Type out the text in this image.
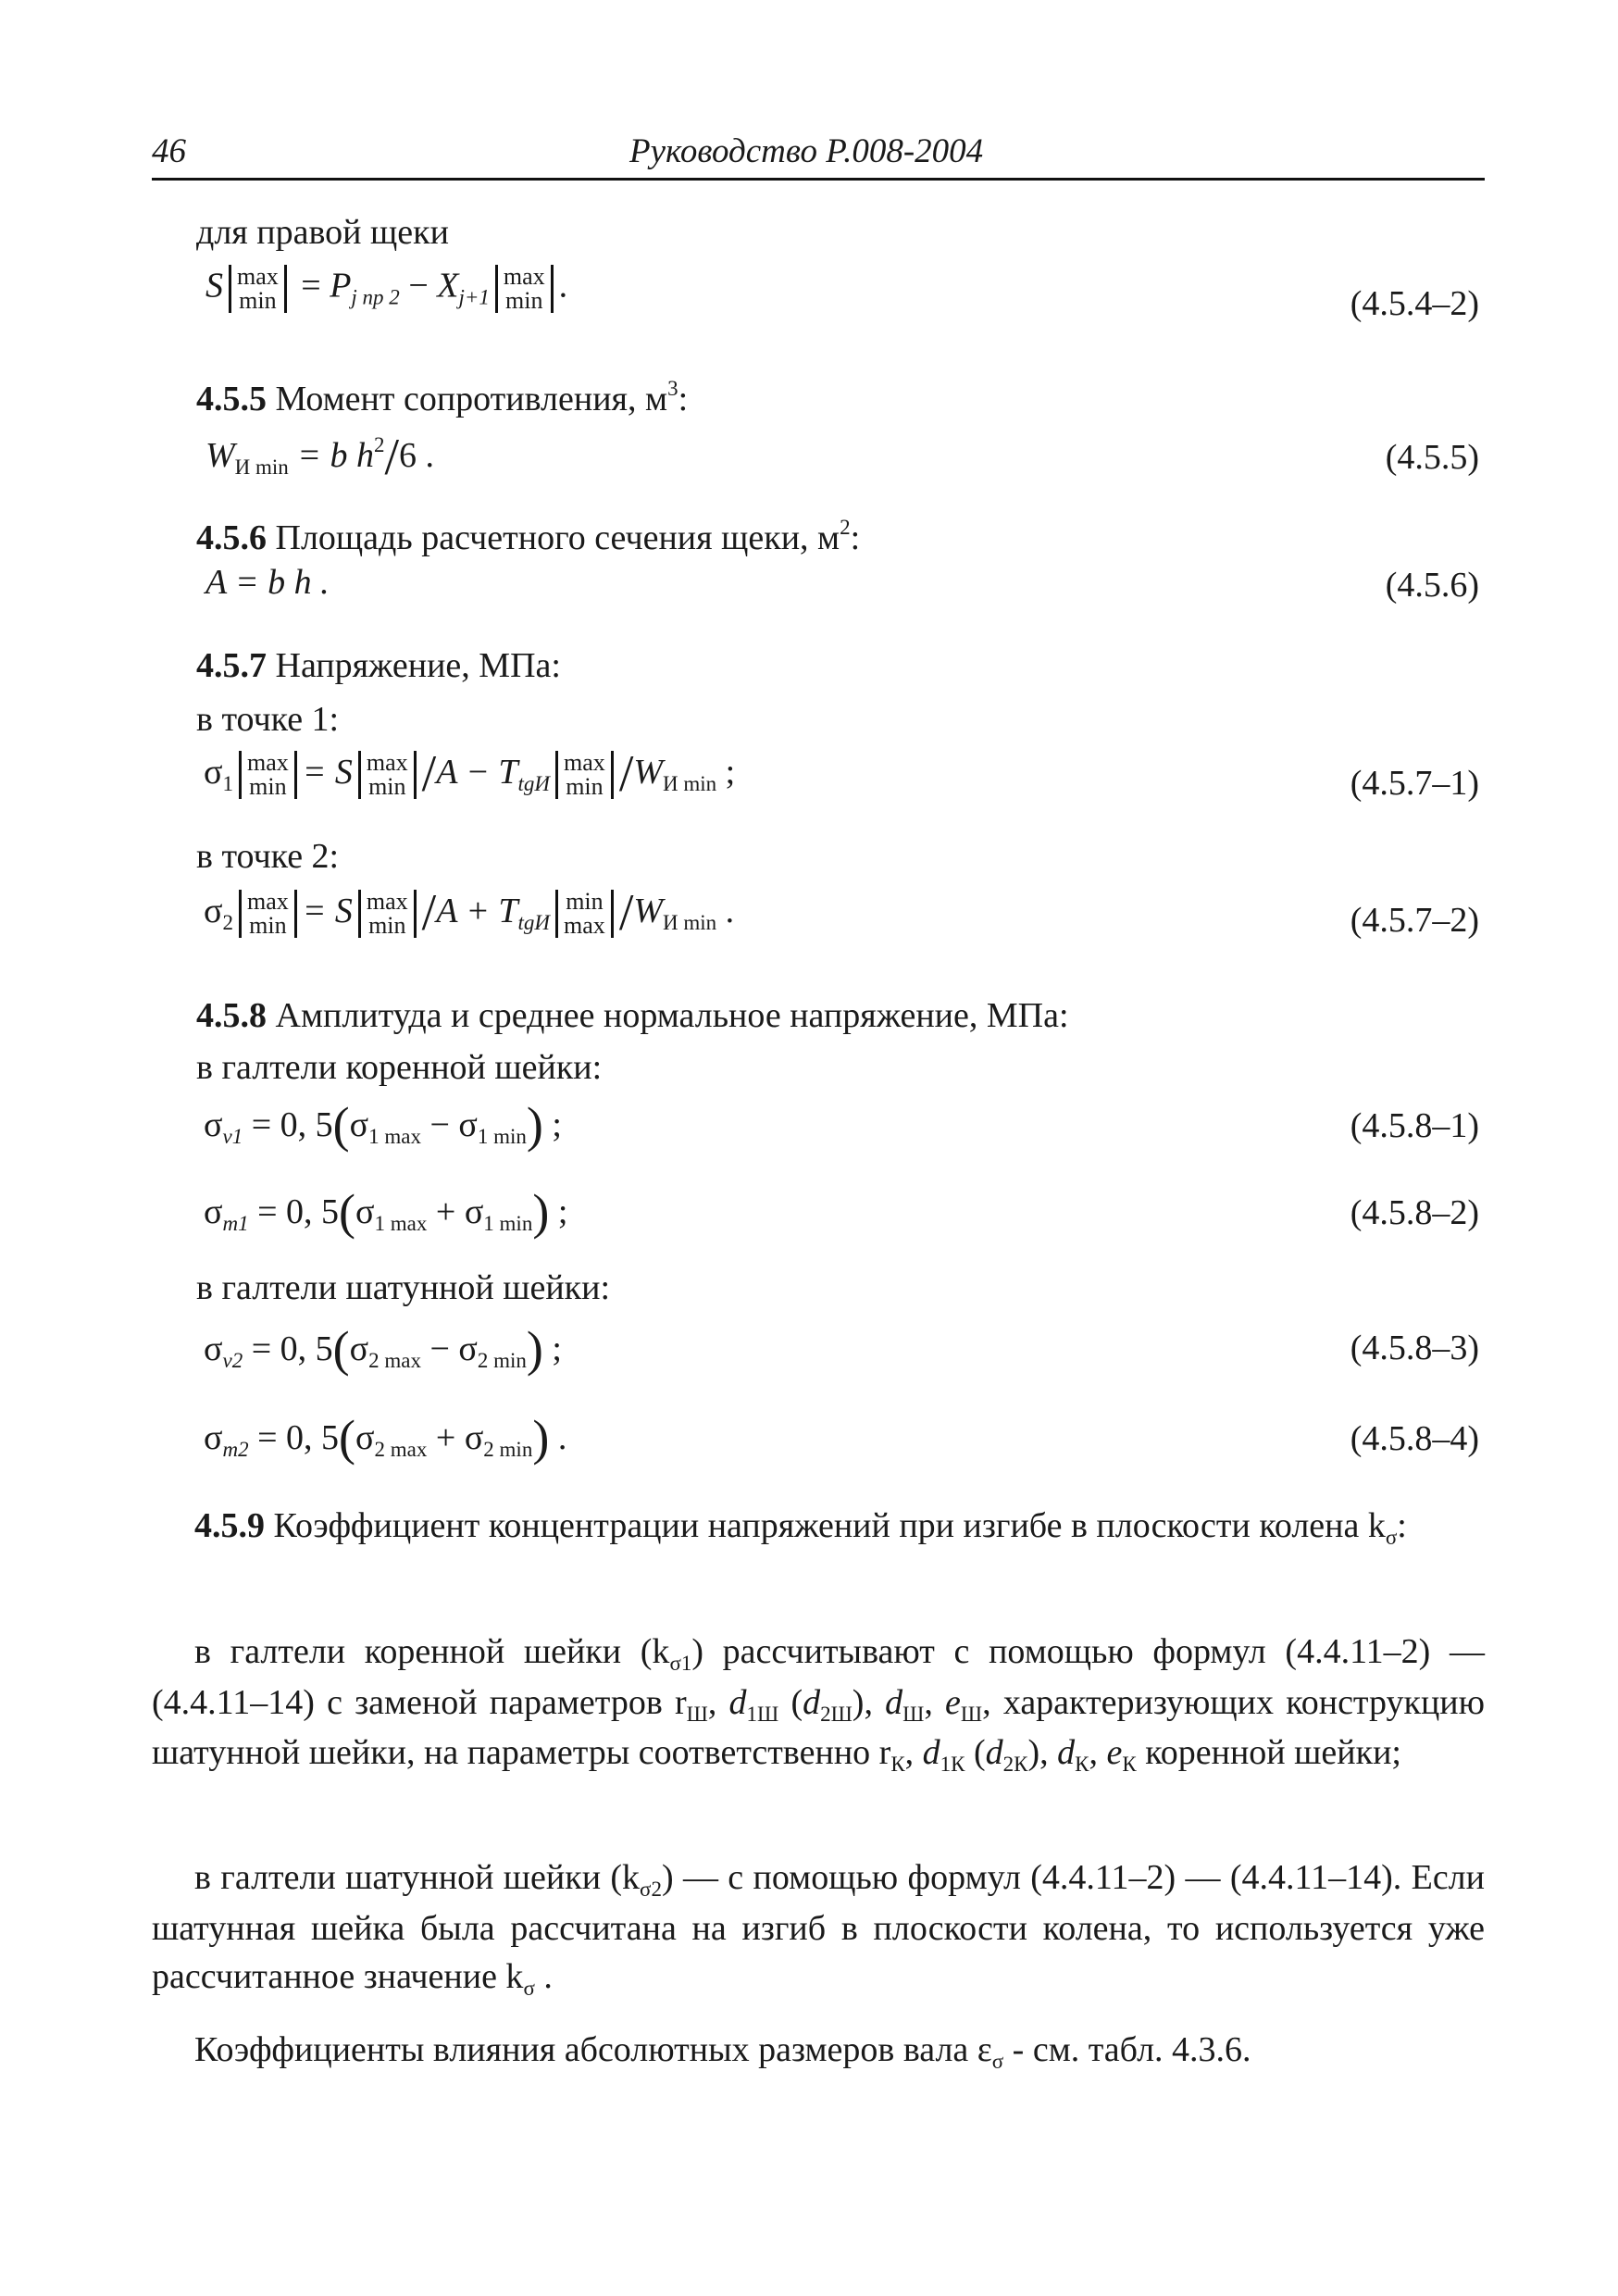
46	Руководство Р.008-2004
для правой щеки
S max
$\min = P_{j пр 2} - X_{j+1}$
max
min .	(4.5.4–2)
4.5.5 Момент сопротивления, $м^3$:
$W_{И min} = b$ $h^2/6$ .	(4.5.5)
4.5.6 Площадь расчетного сечения щеки, $м^2$:
A = b h .	(4.5.6)
4.5.7 Напряжение, МПа:
в точке 1:
$\sigma_1$
max
min = S max
$\min /A - T_{tgИ}$
max
$\min /W_{И min}$ ;	(4.5.7–1)
в точке 2:
$\sigma_2$
max
min = S max
$\min /A + T_{tgИ}$
min
$\max /W_{И min}$ .	(4.5.7–2)
4.5.8 Амплитуда и среднее нормальное напряжение, МПа:
в галтели коренной шейки:
$\sigma_{v1} = 0$, $5(\sigma_{1 max} - \sigma_{1 min})$ ;	(4.5.8–1)
$\sigma_{m1} = 0$, $5(\sigma_{1 max} + \sigma_{1 min})$ ;	(4.5.8–2)
в галтели шатунной шейки:
$\sigma_{v2} = 0$, $5(\sigma_{2 max} - \sigma_{2 min})$ ;	(4.5.8–3)
$\sigma_{m2} = 0$, $5(\sigma_{2 max} + \sigma_{2 min})$ .	(4.5.8–4)
4.5.9 Коэффициент концентрации напряжений при изгибе в плоскости колена $k_\sigma$:
в галтели коренной шейки $(k_{\sigma 1})$ рассчитывают с помощью формул (4.4.11–2) —(4.4.11–14) с заменой параметров $r_Ш$, $d_{1Ш}$ $(d_{2Ш})$, $d_Ш$, $e_Ш$, характеризующих конструкцию шатунной шейки, на параметры соответственно $r_К$, $d_{1К}$ $(d_{2К})$, $d_К$, $e_К$ коренной шейки;
в галтели шатунной шейки $(k_{\sigma 2})$ — с помощью формул (4.4.11–2) — (4.4.11–14). Если шатунная шейка была рассчитана на изгиб в плоскости колена, то используется уже рассчитанное значение $k_\sigma$ .
Коэффициенты влияния абсолютных размеров вала $\varepsilon_\sigma$ - см. табл. 4.3.6.
